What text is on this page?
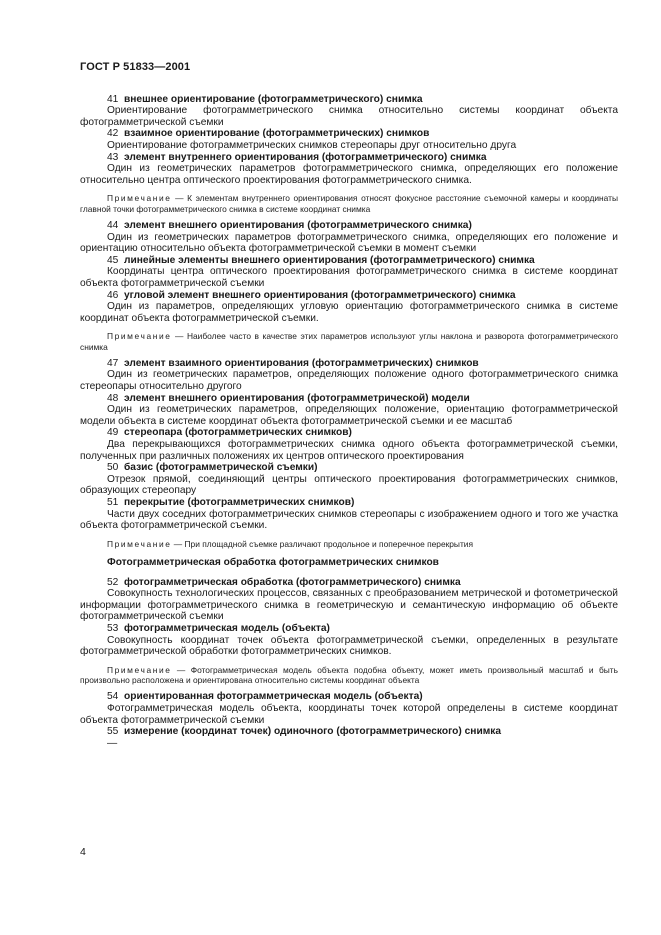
ГОСТ Р 51833—2001
41 внешнее ориентирование (фотограмметрического) снимка
Ориентирование фотограмметрического снимка относительно системы координат объекта фотограмметрической съемки
42 взаимное ориентирование (фотограмметрических) снимков
Ориентирование фотограмметрических снимков стереопары друг относительно друга
43 элемент внутреннего ориентирования (фотограмметрического) снимка
Один из геометрических параметров фотограмметрического снимка, определяющих его положение относительно центра оптического проектирования фотограмметрического снимка.
Примечание — К элементам внутреннего ориентирования относят фокусное расстояние съемочной камеры и координаты главной точки фотограмметрического снимка в системе координат снимка
44 элемент внешнего ориентирования (фотограмметрического снимка)
Один из геометрических параметров фотограмметрического снимка, определяющих его положение и ориентацию относительно объекта фотограмметрической съемки в момент съемки
45 линейные элементы внешнего ориентирования (фотограмметрического) снимка
Координаты центра оптического проектирования фотограмметрического снимка в системе координат объекта фотограмметрической съемки
46 угловой элемент внешнего ориентирования (фотограмметрического) снимка
Один из параметров, определяющих угловую ориентацию фотограмметрического снимка в системе координат объекта фотограмметрической съемки.
Примечание — Наиболее часто в качестве этих параметров используют углы наклона и разворота фотограмметрического снимка
47 элемент взаимного ориентирования (фотограмметрических) снимков
Один из геометрических параметров, определяющих положение одного фотограмметрического снимка стереопары относительно другого
48 элемент внешнего ориентирования (фотограмметрической) модели
Один из геометрических параметров, определяющих положение, ориентацию фотограмметрической модели объекта в системе координат объекта фотограмметрической съемки и ее масштаб
49 стереопара (фотограмметрических снимков)
Два перекрывающихся фотограмметрических снимка одного объекта фотограмметрической съемки, полученных при различных положениях их центров оптического проектирования
50 базис (фотограмметрической съемки)
Отрезок прямой, соединяющий центры оптического проектирования фотограмметрических снимков, образующих стереопару
51 перекрытие (фотограмметрических снимков)
Части двух соседних фотограмметрических снимков стереопары с изображением одного и того же участка объекта фотограмметрической съемки.
Примечание — При площадной съемке различают продольное и поперечное перекрытия
Фотограмметрическая обработка фотограмметрических снимков
52 фотограмметрическая обработка (фотограмметрического) снимка
Совокупность технологических процессов, связанных с преобразованием метрической и фотометрической информации фотограмметрического снимка в геометрическую и семантическую информацию об объекте фотограмметрической съемки
53 фотограмметрическая модель (объекта)
Совокупность координат точек объекта фотограмметрической съемки, определенных в результате фотограмметрической обработки фотограмметрических снимков.
Примечание — Фотограмметрическая модель объекта подобна объекту, может иметь произвольный масштаб и быть произвольно расположена и ориентирована относительно системы координат объекта
54 ориентированная фотограмметрическая модель (объекта)
Фотограмметрическая модель объекта, координаты точек которой определены в системе координат объекта фотограмметрической съемки
55 измерение (координат точек) одиночного (фотограмметрического) снимка
—
4
